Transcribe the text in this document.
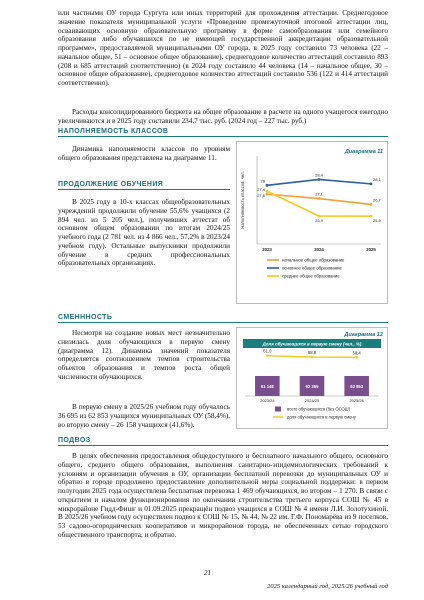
или частными ОУ города Сургута или иных территорий для прохождения аттестации. Среднегодовое значение показателя муниципальной услуги «Проведение промежуточной итоговой аттестации лиц, осваивающих основную образовательную программу в форме самообразования или семейного образования либо обучавшихся по не имеющей государственной аккредитации образовательной программе», предоставляемой муниципальными ОУ города, в 2025 году составило 73 человека (22 – начальное общее, 51 – основное общее образование), среднегодовое количество аттестаций составило 893 (208 и 685 аттестаций соответственно) (в 2024 году составило 44 человека (14 – начальное общее, 30 – основное общее образование), среднегодовое количество аттестаций составило 536 (122 и 414 аттестаций соответственно).
Расходы консолидированного бюджета на общее образование в расчете на одного учащегося ежегодно увеличиваются и в 2025 году составили 234,7 тыс. руб. (2024 год – 227 тыс. руб.)
НАПОЛНЯЕМОСТЬ КЛАССОВ
Динамика наполняемости классов по уровням общего образования представлена на диаграмме 11.
Диаграмма 11
Наполняемость классов, чел.
2023	2024	2025
27,4
27,1
26,7
28
28,4
28,1
27,6
25,9	25,9
начальное общее образование
основное общее образование
среднее общее образование
ПРОДОЛЖЕНИЕ ОБУЧЕНИЯ
В 2025 году в 10-х классах общеобразовательных учреждений продолжили обучение 55,6% учащихся (2 894 чел. из 5 205 чел.), получивших аттестат об основном общем образовании по итогам 2024/25 учебного года (2 781 чел. из 4 866 чел., 57,2% в 2023/24 учебном году). Остальные выпускники продолжили обучение в средних профессиональных образовательных организациях.
СМЕНННОСТЬ
Несмотря на создание новых мест незначительно снизилась доля обучающихся в первую смену (диаграмма 12). Динамика значений показателя определяется соотношением темпов строительства объектов образования и темпов роста общей численности обучающихся.
В первую смену в 2025/26 учебном году обучалось 36 695 из 62 853 учащихся муниципальных ОУ (58,4%), во вторую смену – 26 158 учащихся (41,6%).
Диаграмма 12
Доля обучающихся в первую смену (чел., %)
61 148
2023/24
61,0
62 355
2024/25
58,8
62 853
2025/26
58,4
всего обучающихся (без ОСОШ)
доля обучающихся в первую смену
ПОДВОЗ
В целях обеспечения предоставления общедоступного и бесплатного начального общего, основного общего, среднего общего образования, выполнения санитарно-эпидемиологических требований к условиям и организации обучения в ОУ, организации бесплатной перевозки до муниципальных ОУ и обратно в городе продолжено предоставление дополнительной меры социальной поддержки: в первом полугодии 2025 года осуществлена бесплатная перевозка 1 469 обучающихся, во втором – 1 270. В связи с открытием и началом функционирования по окончании строительства третьего корпуса СОШ № 45 в микрорайоне Гидд-Фишг и 01.09.2025 прекращён подвоз учащихся в СОШ № 4 имени Л.И. Золотухиной. В 2025/26 учебном году осуществлен подвоз к СОШ № 15, № 44, № 22 им. Г.Ф. Пономарёва из 9 поселков, 53 садово-огороднических кооперативов и микрорайонов города, не обеспеченных сетью городского общественного транспорта, и обратно.
21
2025 календарный год, 2025/26 учебный год
